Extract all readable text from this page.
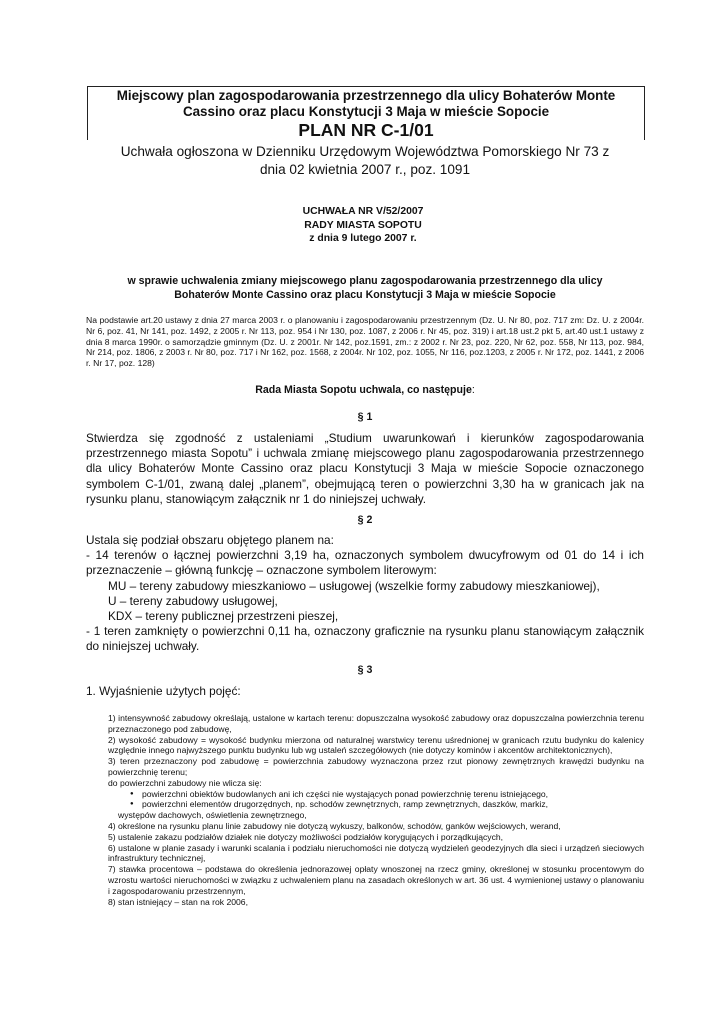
Miejscowy plan zagospodarowania przestrzennego dla ulicy Bohaterów Monte
Cassino oraz placu Konstytucji 3 Maja w mieście Sopocie
PLAN NR C-1/01
Uchwała ogłoszona w Dzienniku Urzędowym Województwa Pomorskiego Nr 73 z
dnia 02 kwietnia 2007 r., poz. 1091
UCHWAŁA NR V/52/2007
RADY MIASTA SOPOTU
z dnia 9 lutego 2007 r.
w sprawie uchwalenia zmiany miejscowego planu zagospodarowania przestrzennego dla ulicy
Bohaterów Monte Cassino oraz placu Konstytucji 3 Maja w mieście Sopocie
Na podstawie art.20 ustawy z dnia 27 marca 2003 r. o planowaniu i zagospodarowaniu przestrzennym (Dz. U. Nr 80, poz. 717 zm: Dz. U. z 2004r. Nr 6, poz. 41, Nr 141, poz. 1492, z 2005 r. Nr 113, poz. 954 i Nr 130, poz. 1087, z 2006 r. Nr 45, poz. 319) i art.18 ust.2 pkt 5, art.40 ust.1 ustawy z dnia 8 marca 1990r. o samorządzie gminnym (Dz. U. z 2001r. Nr 142, poz.1591, zm.: z 2002 r. Nr 23, poz. 220, Nr 62, poz. 558, Nr 113, poz. 984, Nr 214, poz. 1806, z 2003 r. Nr 80, poz. 717 i Nr 162, poz. 1568, z 2004r. Nr 102, poz. 1055, Nr 116, poz.1203, z 2005 r. Nr 172, poz. 1441, z 2006 r. Nr 17, poz. 128)
Rada Miasta Sopotu uchwala, co następuje:
§ 1
Stwierdza się zgodność z ustaleniami „Studium uwarunkowań i kierunków zagospodarowania przestrzennego miasta Sopotu” i uchwala zmianę miejscowego planu zagospodarowania przestrzennego dla ulicy Bohaterów Monte Cassino oraz placu Konstytucji 3 Maja w mieście Sopocie oznaczonego symbolem C-1/01, zwaną dalej „planem”, obejmującą teren o powierzchni 3,30 ha w granicach jak na rysunku planu, stanowiącym załącznik nr 1 do niniejszej uchwały.
§ 2
Ustala się podział obszaru objętego planem na:
- 14 terenów o łącznej powierzchni 3,19 ha, oznaczonych symbolem dwucyfrowym od 01 do 14 i ich przeznaczenie – główną funkcję – oznaczone symbolem literowym:
MU – tereny zabudowy mieszkaniowo – usługowej (wszelkie formy zabudowy mieszkaniowej),
U – tereny zabudowy usługowej,
KDX – tereny publicznej przestrzeni pieszej,
- 1 teren zamknięty o powierzchni 0,11 ha, oznaczony graficznie na rysunku planu stanowiącym załącznik do niniejszej uchwały.
§ 3
1. Wyjaśnienie użytych pojęć:
1) intensywność zabudowy określają, ustalone w kartach terenu: dopuszczalna wysokość zabudowy oraz dopuszczalna powierzchnia terenu przeznaczonego pod zabudowę,
2) wysokość zabudowy = wysokość budynku mierzona od naturalnej warstwicy terenu uśrednionej w granicach rzutu budynku do kalenicy względnie innego najwyższego punktu budynku lub wg ustaleń szczegółowych (nie dotyczy kominów i akcentów architektonicznych),
3) teren przeznaczony pod zabudowę = powierzchnia zabudowy wyznaczona przez rzut pionowy zewnętrznych krawędzi budynku na powierzchnię terenu;
do powierzchni zabudowy nie wlicza się:
● powierzchni obiektów budowlanych ani ich części nie wystających ponad powierzchnię terenu istniejącego,
● powierzchni elementów drugorzędnych, np. schodów zewnętrznych, ramp zewnętrznych, daszków, markiz,
występów dachowych, oświetlenia zewnętrznego,
4) określone na rysunku planu linie zabudowy nie dotyczą wykuszy, balkonów, schodów, ganków wejściowych, werand,
5) ustalenie zakazu podziałów działek nie dotyczy możliwości podziałów korygujących i porządkujących,
6) ustalone w planie zasady i warunki scalania i podziału nieruchomości nie dotyczą wydzieleń geodezyjnych dla sieci i urządzeń sieciowych infrastruktury technicznej,
7) stawka procentowa – podstawa do określenia jednorazowej opłaty wnoszonej na rzecz gminy, określonej w stosunku procentowym do wzrostu wartości nieruchomości w związku z uchwaleniem planu na zasadach określonych w art. 36 ust. 4 wymienionej ustawy o planowaniu i zagospodarowaniu przestrzennym,
8) stan istniejący – stan na rok 2006,
